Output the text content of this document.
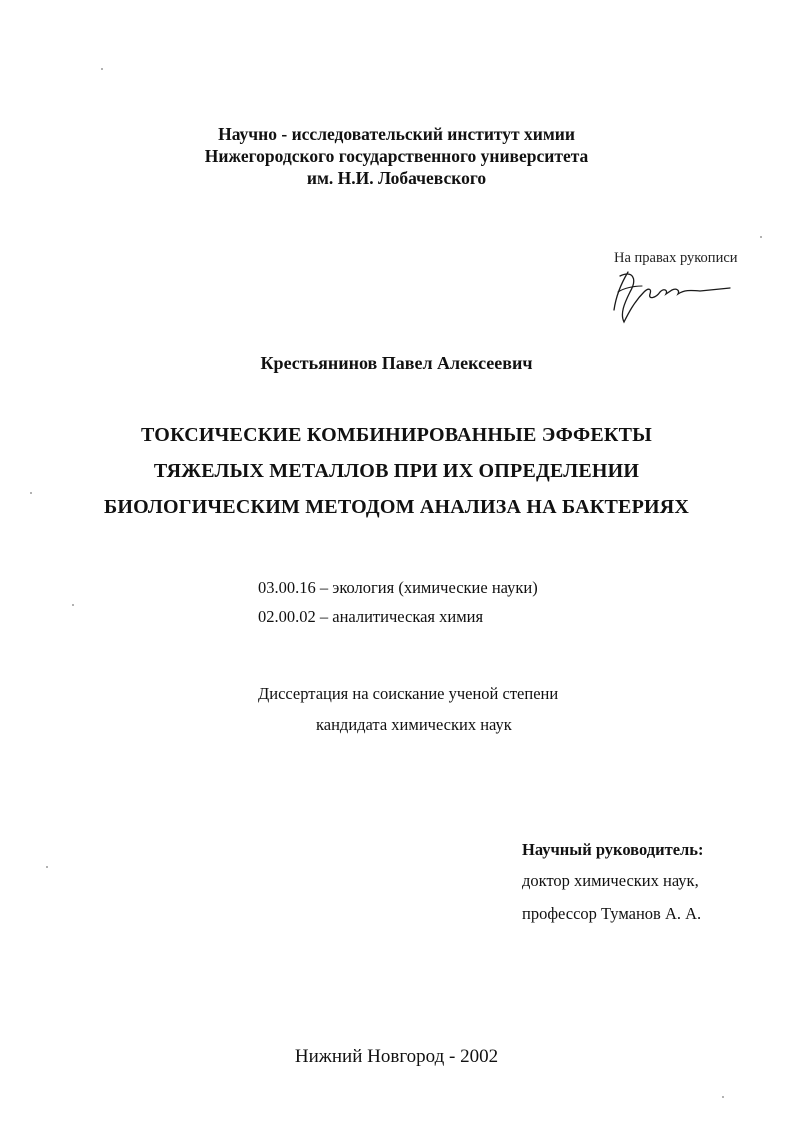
Научно - исследовательский институт химии
Нижегородского государственного университета
им. Н.И. Лобачевского
На правах рукописи
Крестьянинов Павел Алексеевич
ТОКСИЧЕСКИЕ КОМБИНИРОВАННЫЕ ЭФФЕКТЫ
ТЯЖЕЛЫХ МЕТАЛЛОВ ПРИ ИХ ОПРЕДЕЛЕНИИ
БИОЛОГИЧЕСКИМ МЕТОДОМ АНАЛИЗА НА БАКТЕРИЯХ
03.00.16 – экология (химические науки)
02.00.02 – аналитическая химия
Диссертация на соискание ученой степени
кандидата химических наук
Научный руководитель:
доктор химических наук,
профессор Туманов А. А.
Нижний Новгород - 2002
